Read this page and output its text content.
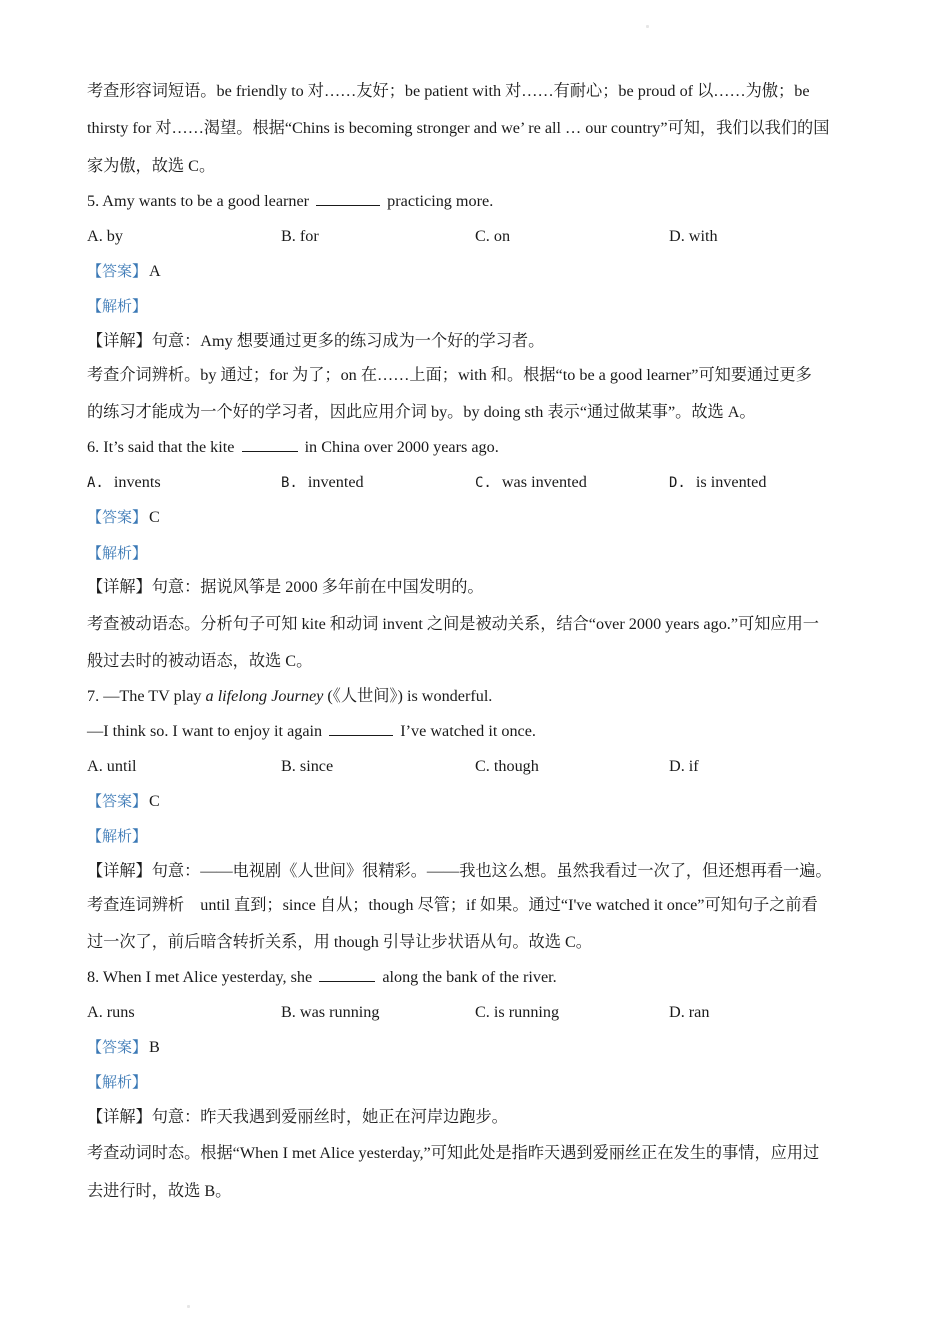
考查形容词短语。be friendly to 对……友好；be patient with 对……有耐心；be proud of 以……为傲；be
thirsty for 对……渴望。根据“Chins is becoming stronger and we’ re all … our country”可知，我们以我们的国
家为傲，故选 C。
5. Amy wants to be a good learner	practicing more.
A. by	B. for	C. on	D. with
【答案】 A
【解析】
【详解】句意：Amy 想要通过更多的练习成为一个好的学习者。
考查介词辨析。by 通过；for 为了；on 在……上面；with 和。根据“to be a good learner”可知要通过更多
的练习才能成为一个好的学习者，因此应用介词 by。by doing sth 表示“通过做某事”。故选 A。
6. It’s said that the kite	in China over 2000 years ago.
A. invents	B. invented	C. was invented	D. is invented
【答案】 C
【解析】
【详解】句意：据说风筝是 2000 多年前在中国发明的。
考查被动语态。分析句子可知 kite 和动词 invent 之间是被动关系，结合“over 2000 years ago.”可知应用一
般过去时的被动语态，故选 C。
7. —The TV play a lifelong Journey (《人世间》) is wonderful.
—I think so. I want to enjoy it again	I’ve watched it once.
A. until	B. since	C. though	D. if
【答案】 C
【解析】
【详解】句意：——电视剧《人世间》很精彩。——我也这么想。虽然我看过一次了，但还想再看一遍。
考查连词辨析　until 直到；since 自从；though 尽管；if 如果。通过“I've watched it once”可知句子之前看
过一次了，前后暗含转折关系，用 though 引导让步状语从句。故选 C。
8. When I met Alice yesterday, she	along the bank of the river.
A. runs	B. was running	C. is running	D. ran
【答案】 B
【解析】
【详解】句意：昨天我遇到爱丽丝时，她正在河岸边跑步。
考查动词时态。根据“When I met Alice yesterday,”可知此处是指昨天遇到爱丽丝正在发生的事情，应用过
去进行时，故选 B。
